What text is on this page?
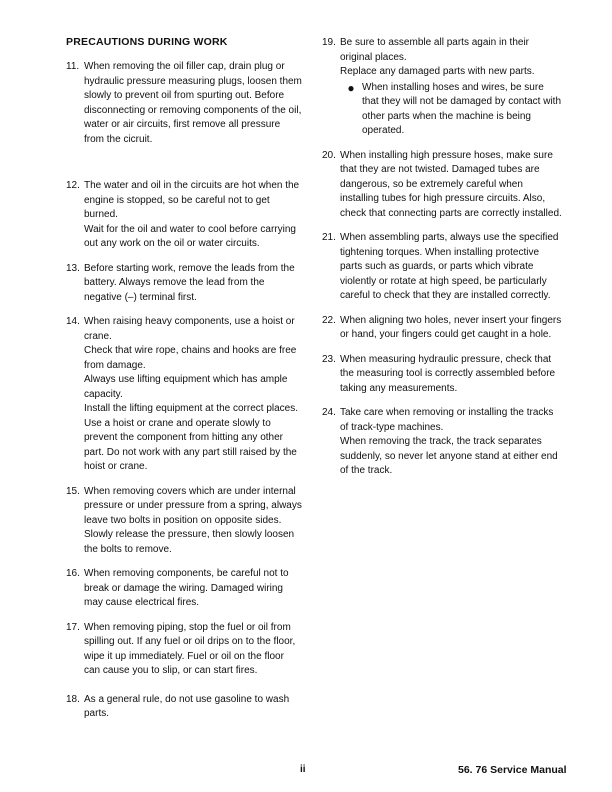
PRECAUTIONS DURING WORK
11. When removing the oil filler cap, drain plug or hydraulic pressure measuring plugs, loosen them slowly to prevent oil from spurting out. Before disconnecting or removing components of the oil, water or air circuits, first remove all pressure from the cicruit.

12. The water and oil in the circuits are hot when the engine is stopped, so be careful not to get burned.

Wait for the oil and water to cool before carrying out any work on the oil or water circuits.

13. Before starting work, remove the leads from the battery. Always remove the lead from the negative (–) terminal first.

14. When raising heavy components, use a hoist or crane.

Check that wire rope, chains and hooks are free from damage.

Always use lifting equipment which has ample capacity.

Install the lifting equipment at the correct places. Use a hoist or crane and operate slowly to prevent the component from hitting any other part. Do not work with any part still raised by the hoist or crane.

15. When removing covers which are under internal pressure or under pressure from a spring, always leave two bolts in position on opposite sides. Slowly release the pressure, then slowly loosen the bolts to remove.

16. When removing components, be careful not to break or damage the wiring. Damaged wiring may cause electrical fires.

17. When removing piping, stop the fuel or oil from spilling out. If any fuel or oil drips on to the floor, wipe it up immediately. Fuel or oil on the floor can cause you to slip, or can start fires.

18. As a general rule, do not use gasoline to wash parts.

19. Be sure to assemble all parts again in their original places.

Replace any damaged parts with new parts.

● When installing hoses and wires, be sure that they will not be damaged by contact with other parts when the machine is being operated.
20. When installing high pressure hoses, make sure that they are not twisted. Damaged tubes are dangerous, so be extremely careful when installing tubes for high pressure circuits. Also, check that connecting parts are correctly installed.

21. When assembling parts, always use the specified tightening torques. When installing protective parts such as guards, or parts which vibrate violently or rotate at high speed, be particularly careful to check that they are installed correctly.

22. When aligning two holes, never insert your fingers or hand, your fingers could get caught in a hole.

23. When measuring hydraulic pressure, check that the measuring tool is correctly assembled before taking any measurements.

24. Take care when removing or installing the tracks of track-type machines.

When removing the track, the track separates suddenly, so never let anyone stand at either end of the track.

ii	56. 76 Service Manual
